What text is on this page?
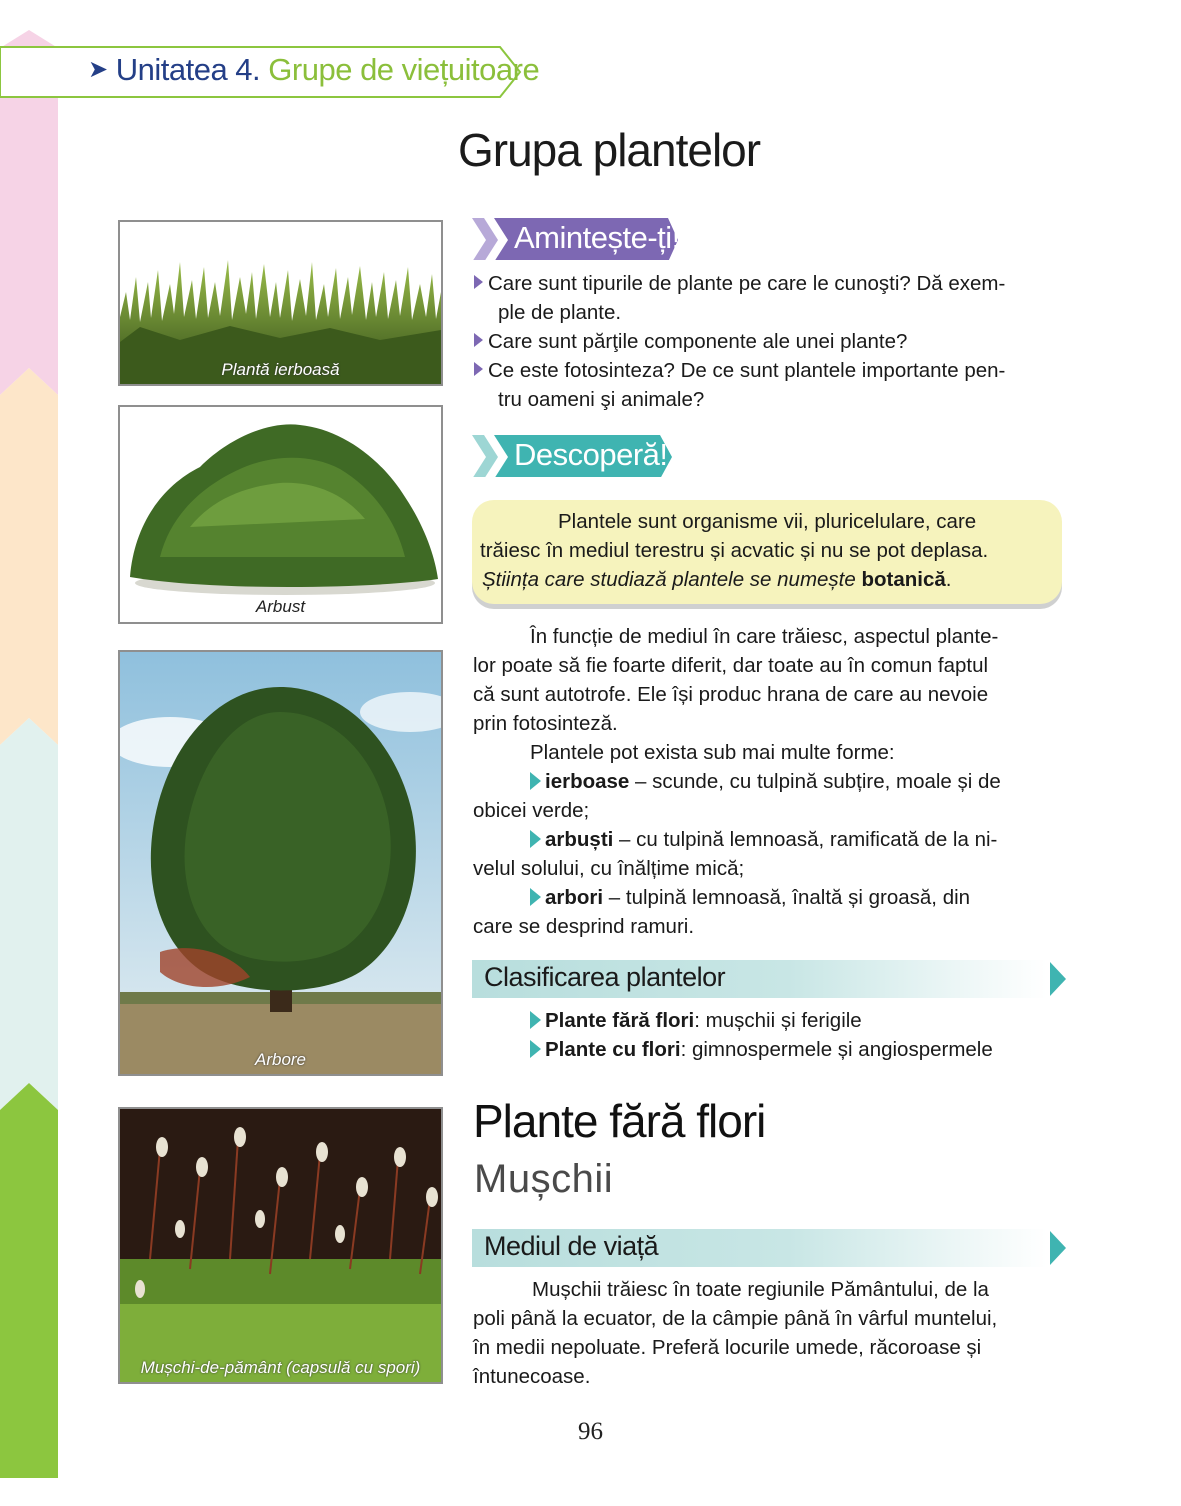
➤ Unitatea 4. Grupe de viețuitoare
Grupa plantelor
Plantă ierboasă
Arbust
Arbore
Mușchi-de-pământ (capsulă cu spori)
Amintește-ți!
Care sunt tipurile de plante pe care le cunoşti? Dă exem-
ple de plante.
Care sunt părţile componente ale unei plante?
Ce este fotosinteza? De ce sunt plantele importante pen-
tru oameni şi animale?
Descoperă!
Plantele sunt organisme vii, pluricelulare, care
trăiesc în mediul terestru și acvatic și nu se pot deplasa.
Știința care studiază plantele se numește botanică.
În funcție de mediul în care trăiesc, aspectul plante-
lor poate să fie foarte diferit, dar toate au în comun faptul
că sunt autotrofe. Ele își produc hrana de care au nevoie
prin fotosinteză.
Plantele pot exista sub mai multe forme:
ierboase – scunde, cu tulpină subțire, moale și de
obicei verde;
arbuști – cu tulpină lemnoasă, ramificată de la ni-
velul solului, cu înălțime mică;
arbori – tulpină lemnoasă, înaltă și groasă, din
care se desprind ramuri.
Clasificarea plantelor
Plante fără flori: mușchii și ferigile
Plante cu flori: gimnospermele și angiospermele
Plante fără flori
Mușchii
Mediul de viață
Mușchii trăiesc în toate regiunile Pământului, de la
poli până la ecuator, de la câmpie până în vârful muntelui,
în medii nepoluate. Preferă locurile umede, răcoroase și
întunecoase.
96
